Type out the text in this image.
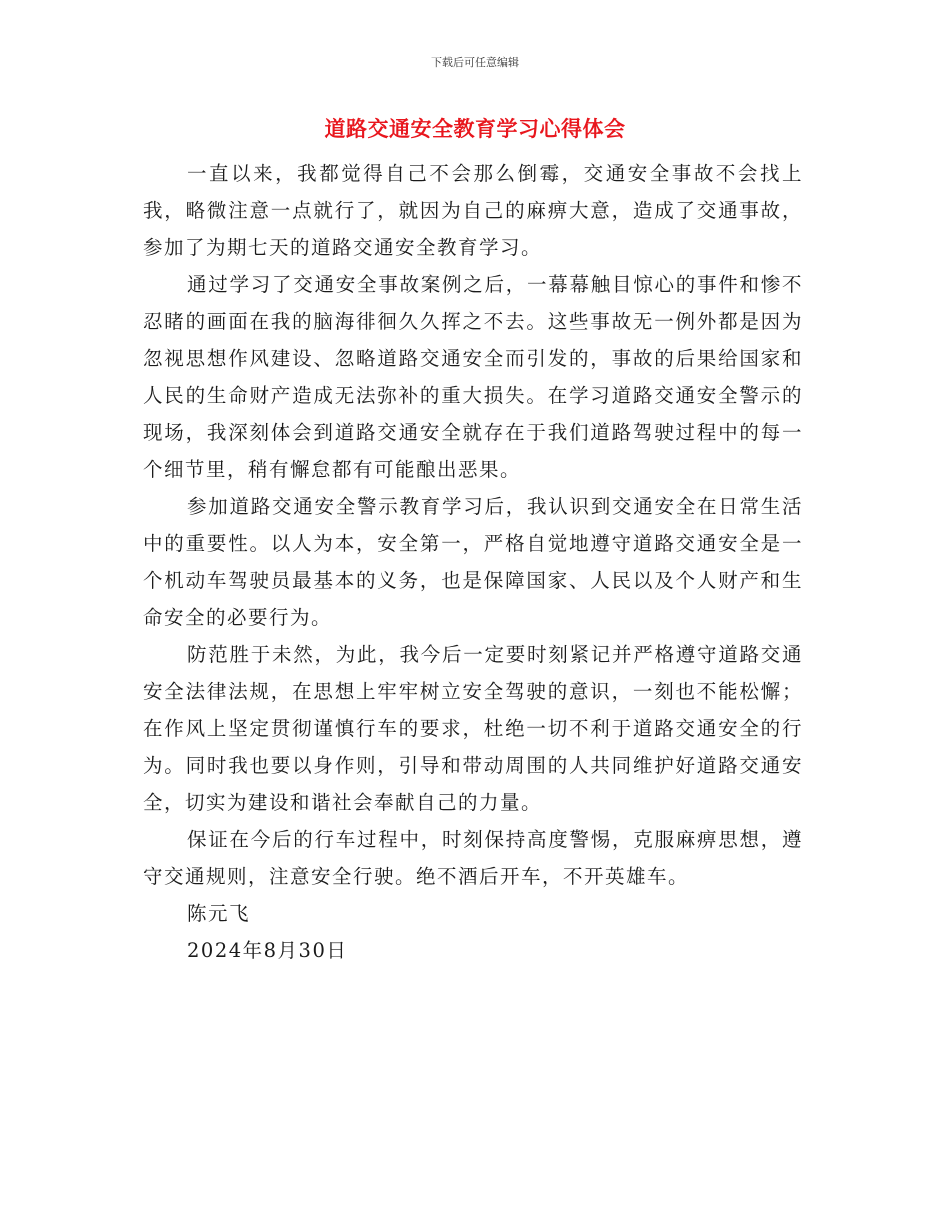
下载后可任意编辑
道路交通安全教育学习心得体会

一直以来，我都觉得自己不会那么倒霉，交通安全事故不会找上我，略微注意一点就行了，就因为自己的麻痹大意，造成了交通事故，参加了为期七天的道路交通安全教育学习。

通过学习了交通安全事故案例之后，一幕幕触目惊心的事件和惨不忍睹的画面在我的脑海徘徊久久挥之不去。这些事故无一例外都是因为忽视思想作风建设、忽略道路交通安全而引发的，事故的后果给国家和人民的生命财产造成无法弥补的重大损失。在学习道路交通安全警示的现场，我深刻体会到道路交通安全就存在于我们道路驾驶过程中的每一个细节里，稍有懈怠都有可能酿出恶果。

参加道路交通安全警示教育学习后，我认识到交通安全在日常生活中的重要性。以人为本，安全第一，严格自觉地遵守道路交通安全是一个机动车驾驶员最基本的义务，也是保障国家、人民以及个人财产和生命安全的必要行为。

防范胜于未然，为此，我今后一定要时刻紧记并严格遵守道路交通安全法律法规，在思想上牢牢树立安全驾驶的意识，一刻也不能松懈；在作风上坚定贯彻谨慎行车的要求，杜绝一切不利于道路交通安全的行为。同时我也要以身作则，引导和带动周围的人共同维护好道路交通安全，切实为建设和谐社会奉献自己的力量。

保证在今后的行车过程中，时刻保持高度警惕，克服麻痹思想，遵守交通规则，注意安全行驶。绝不酒后开车，不开英雄车。

陈元飞

2024年8月30日
